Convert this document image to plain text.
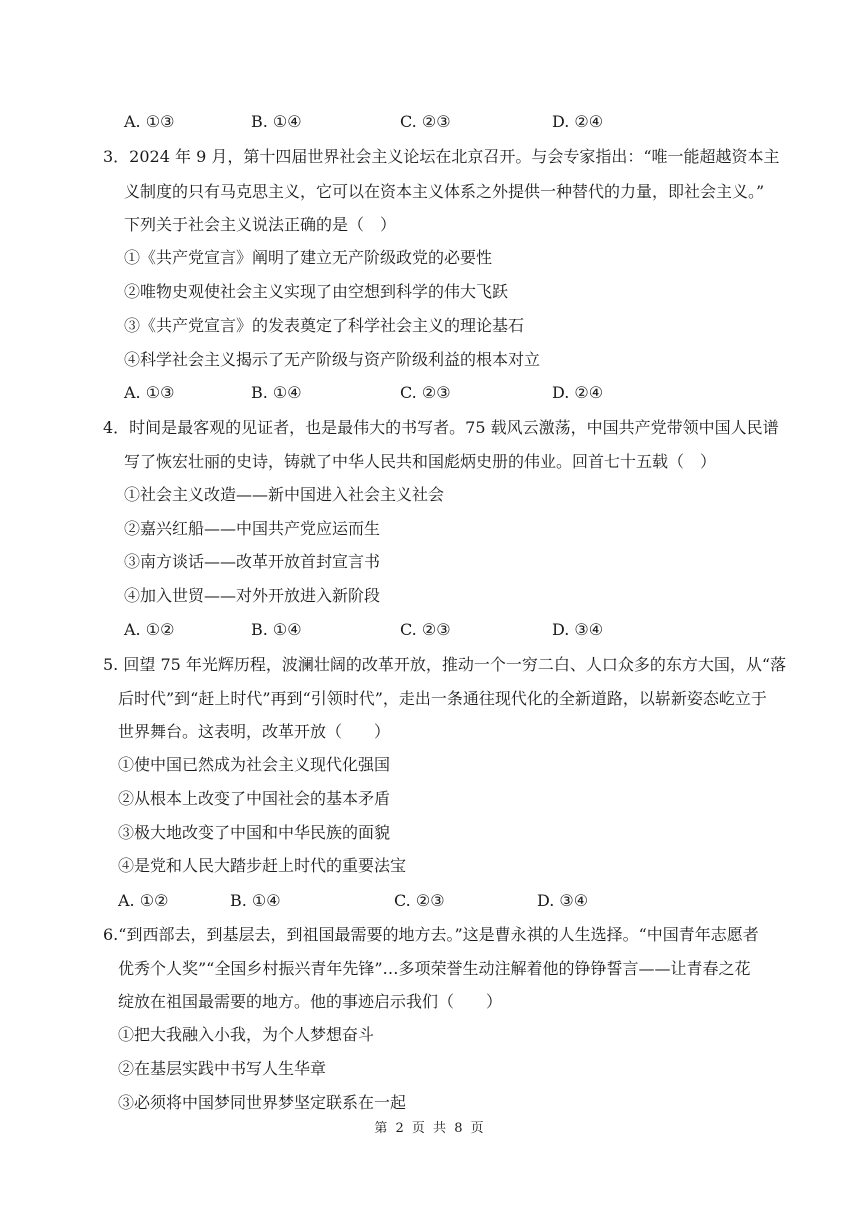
A. ①③	B. ①④	C. ②③	D. ②④
3．2024 年 9 月，第十四届世界社会主义论坛在北京召开。与会专家指出：“唯一能超越资本主
义制度的只有马克思主义，它可以在资本主义体系之外提供一种替代的力量，即社会主义。”
下列关于社会主义说法正确的是（　）
①《共产党宣言》阐明了建立无产阶级政党的必要性
②唯物史观使社会主义实现了由空想到科学的伟大飞跃
③《共产党宣言》的发表奠定了科学社会主义的理论基石
④科学社会主义揭示了无产阶级与资产阶级利益的根本对立
A. ①③	B. ①④	C. ②③	D. ②④
4．时间是最客观的见证者，也是最伟大的书写者。75 载风云激荡，中国共产党带领中国人民谱
写了恢宏壮丽的史诗，铸就了中华人民共和国彪炳史册的伟业。回首七十五载（　）
①社会主义改造——新中国进入社会主义社会
②嘉兴红船——中国共产党应运而生
③南方谈话——改革开放首封宣言书
④加入世贸——对外开放进入新阶段
A. ①②	B. ①④	C. ②③	D. ③④
5. 回望 75 年光辉历程，波澜壮阔的改革开放，推动一个一穷二白、人口众多的东方大国，从“落
后时代”到“赶上时代”再到“引领时代”，走出一条通往现代化的全新道路，以崭新姿态屹立于
世界舞台。这表明，改革开放（　　）
①使中国已然成为社会主义现代化强国
②从根本上改变了中国社会的基本矛盾
③极大地改变了中国和中华民族的面貌
④是党和人民大踏步赶上时代的重要法宝
A. ①②	B. ①④	C. ②③	D. ③④
6.“到西部去，到基层去，到祖国最需要的地方去。”这是曹永祺的人生选择。“中国青年志愿者
优秀个人奖”“全国乡村振兴青年先锋”…多项荣誉生动注解着他的铮铮誓言——让青春之花
绽放在祖国最需要的地方。他的事迹启示我们（　　）
①把大我融入小我，为个人梦想奋斗
②在基层实践中书写人生华章
③必须将中国梦同世界梦坚定联系在一起
第 2 页 共 8 页
